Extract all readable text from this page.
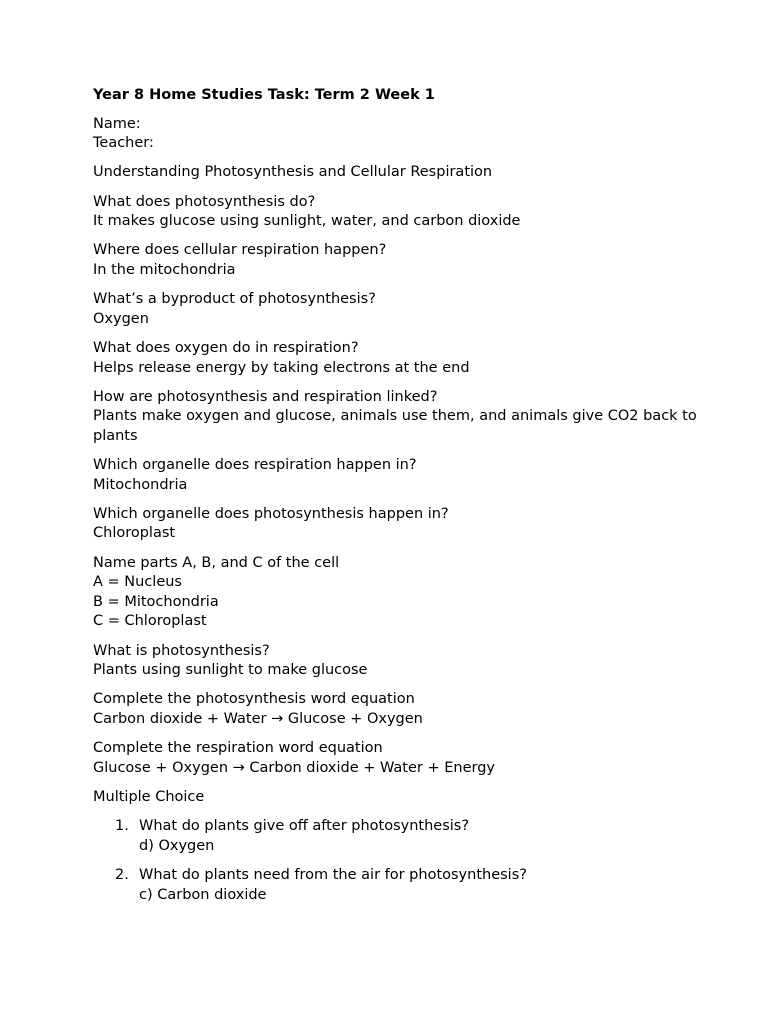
Year 8 Home Studies Task: Term 2 Week 1
Name:
Teacher:
Understanding Photosynthesis and Cellular Respiration
What does photosynthesis do?
It makes glucose using sunlight, water, and carbon dioxide
Where does cellular respiration happen?
In the mitochondria
What’s a byproduct of photosynthesis?
Oxygen
What does oxygen do in respiration?
Helps release energy by taking electrons at the end
How are photosynthesis and respiration linked?
Plants make oxygen and glucose, animals use them, and animals give CO2 back to plants
Which organelle does respiration happen in?
Mitochondria
Which organelle does photosynthesis happen in?
Chloroplast
Name parts A, B, and C of the cell
A = Nucleus
B = Mitochondria
C = Chloroplast
What is photosynthesis?
Plants using sunlight to make glucose
Complete the photosynthesis word equation
Carbon dioxide + Water → Glucose + Oxygen
Complete the respiration word equation
Glucose + Oxygen → Carbon dioxide + Water + Energy
Multiple Choice
1. What do plants give off after photosynthesis?
d) Oxygen
2. What do plants need from the air for photosynthesis?
c) Carbon dioxide
